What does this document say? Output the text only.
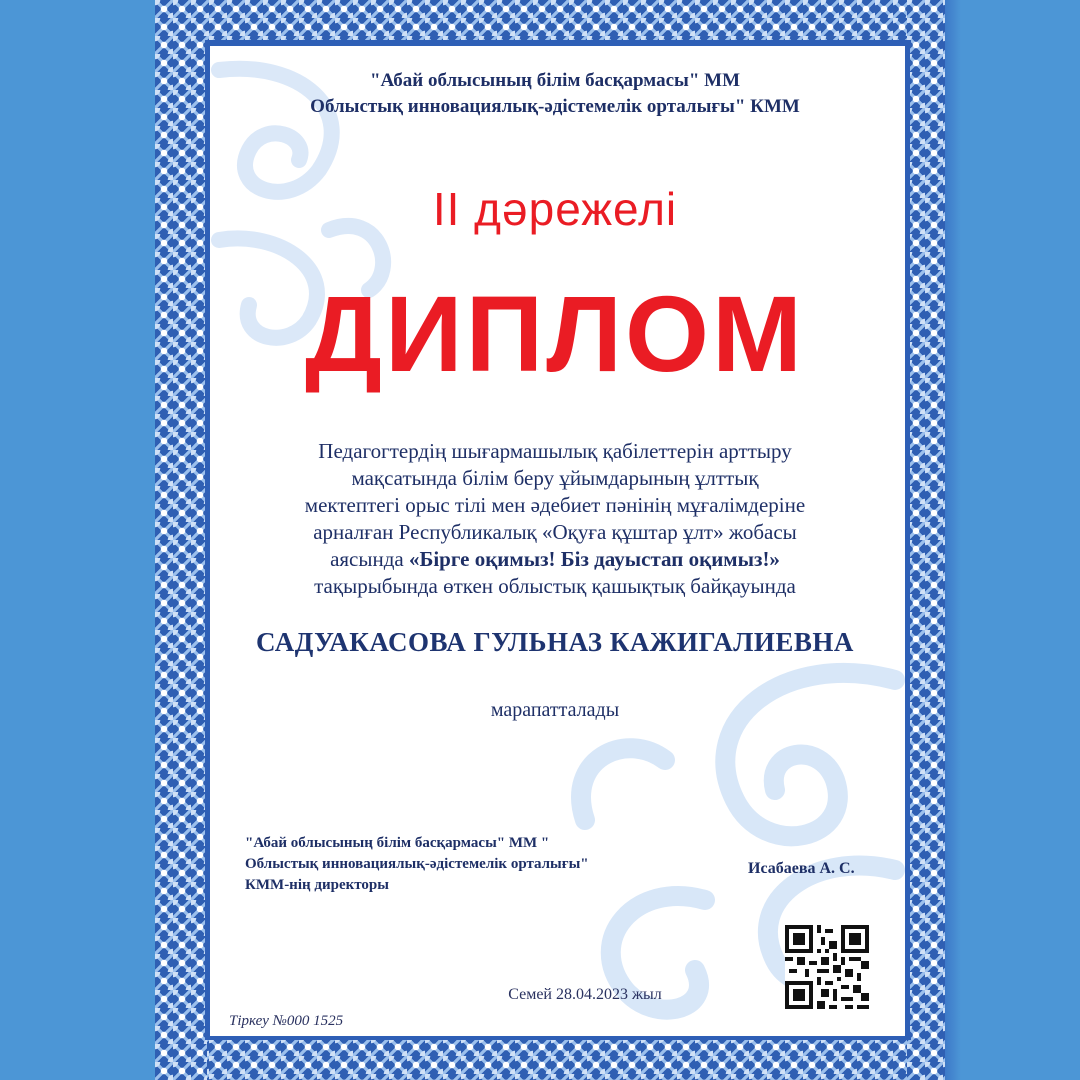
"Абай облысының білім басқармасы" ММ
Облыстық инновациялық-әдістемелік орталығы" КММ
II дәрежелі
ДИПЛОМ
Педагогтердің шығармашылық қабілеттерін арттыру
мақсатында білім беру ұйымдарының ұлттық
мектептегі орыс тілі мен әдебиет пәнінің мұғалімдеріне
арналған Республикалық «Оқуға құштар ұлт» жобасы
аясында «Бірге оқимыз! Біз дауыстап оқимыз!»
тақырыбында өткен облыстық қашықтық байқауында
САДУАКАСОВА ГУЛЬНАЗ КАЖИГАЛИЕВНА
марапатталады
"Абай облысының білім басқармасы" ММ "
Облыстық инновациялық-әдістемелік орталығы"
КММ-нің директоры
Исабаева А. С.
Семей 28.04.2023 жыл
Тіркеу №000 1525
